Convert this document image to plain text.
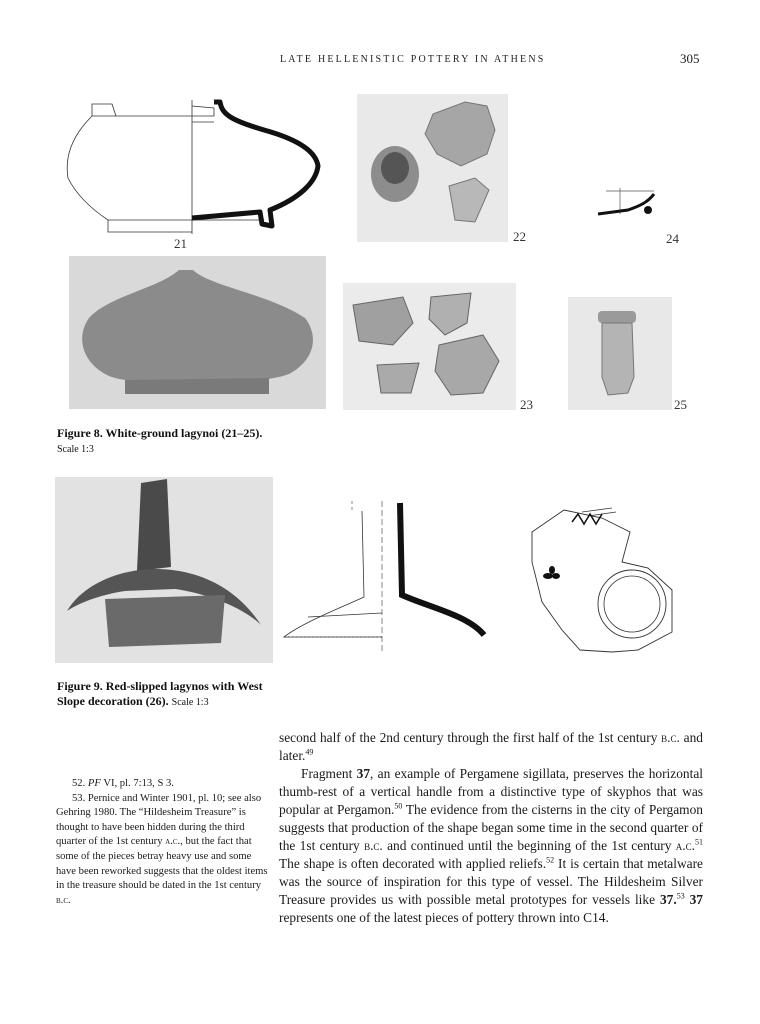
LATE HELLENISTIC POTTERY IN ATHENS	305
21	22	24
23	25
Figure 8. White-ground lagynoi (21–25). Scale 1:3
Figure 9. Red-slipped lagynos with West Slope decoration (26). Scale 1:3

second half of the 2nd century through the first half of the 1st century b.c. and later.$^{49}$

Fragment 37, an example of Pergamene sigillata, preserves the horizontal thumb-rest of a vertical handle from a distinctive type of skyphos that was popular at Pergamon.$^{50}$ The evidence from the cisterns in the city of Pergamon suggests that production of the shape began some time in the second quarter of the 1st century b.c. and continued until the beginning of the 1st century a.c.$^{51}$ The shape is often decorated with applied reliefs.$^{52}$ It is certain that metalware was the source of inspiration for this type of vessel. The Hildesheim Silver Treasure provides us with possible metal prototypes for vessels like 37.53 37 represents one of the latest pieces of pottery thrown into C14.

52. PF VI, pl. 7:13, S 3.

53. Pernice and Winter 1901, pl. 10; see also Gehring 1980. The “Hildesheim Treasure” is thought to have been hidden during the third quarter of the 1st century a.c., but the fact that some of the pieces betray heavy use and some have been reworked suggests that the oldest items in the treasure should be dated in the 1st century b.c.
